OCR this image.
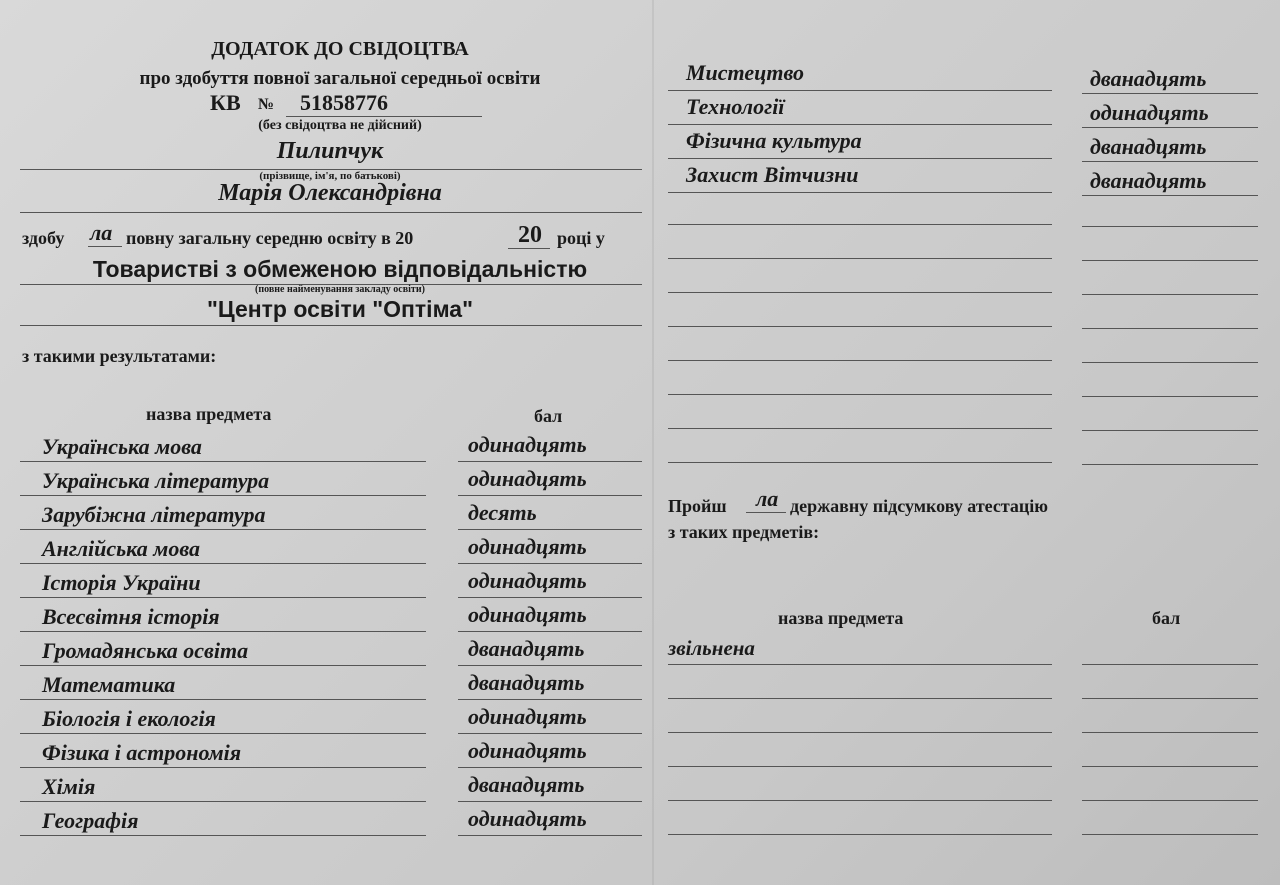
ДОДАТОК ДО СВІДОЦТВА
про здобуття повної загальної середньої освіти
КВ № 51858776
(без свідоцтва не дійсний)
Пилипчук
(прізвище, ім'я, по батькові)
Марія Олександрівна
здобу ла повну загальну середню освіту в 20	20 році у
Товаристві з обмеженою відповідальністю
(повне найменування закладу освіти)
"Центр освіти "Оптіма"
з такими результатами:
назва предмета	бал
Українська мова	одинадцять
Українська література	одинадцять
Зарубіжна література	десять
Англійська мова	одинадцять
Історія України	одинадцять
Всесвітня історія	одинадцять
Громадянська освіта	дванадцять
Математика	дванадцять
Біологія і екологія	одинадцять
Фізика і астрономія	одинадцять
Хімія	дванадцять
Географія	одинадцять
Мистецтво	дванадцять
Технології	одинадцять
Фізична культура	дванадцять
Захист Вітчизни	дванадцять
Пройш ла державну підсумкову атестацію
з таких предметів:
назва предмета	бал
звільнена
